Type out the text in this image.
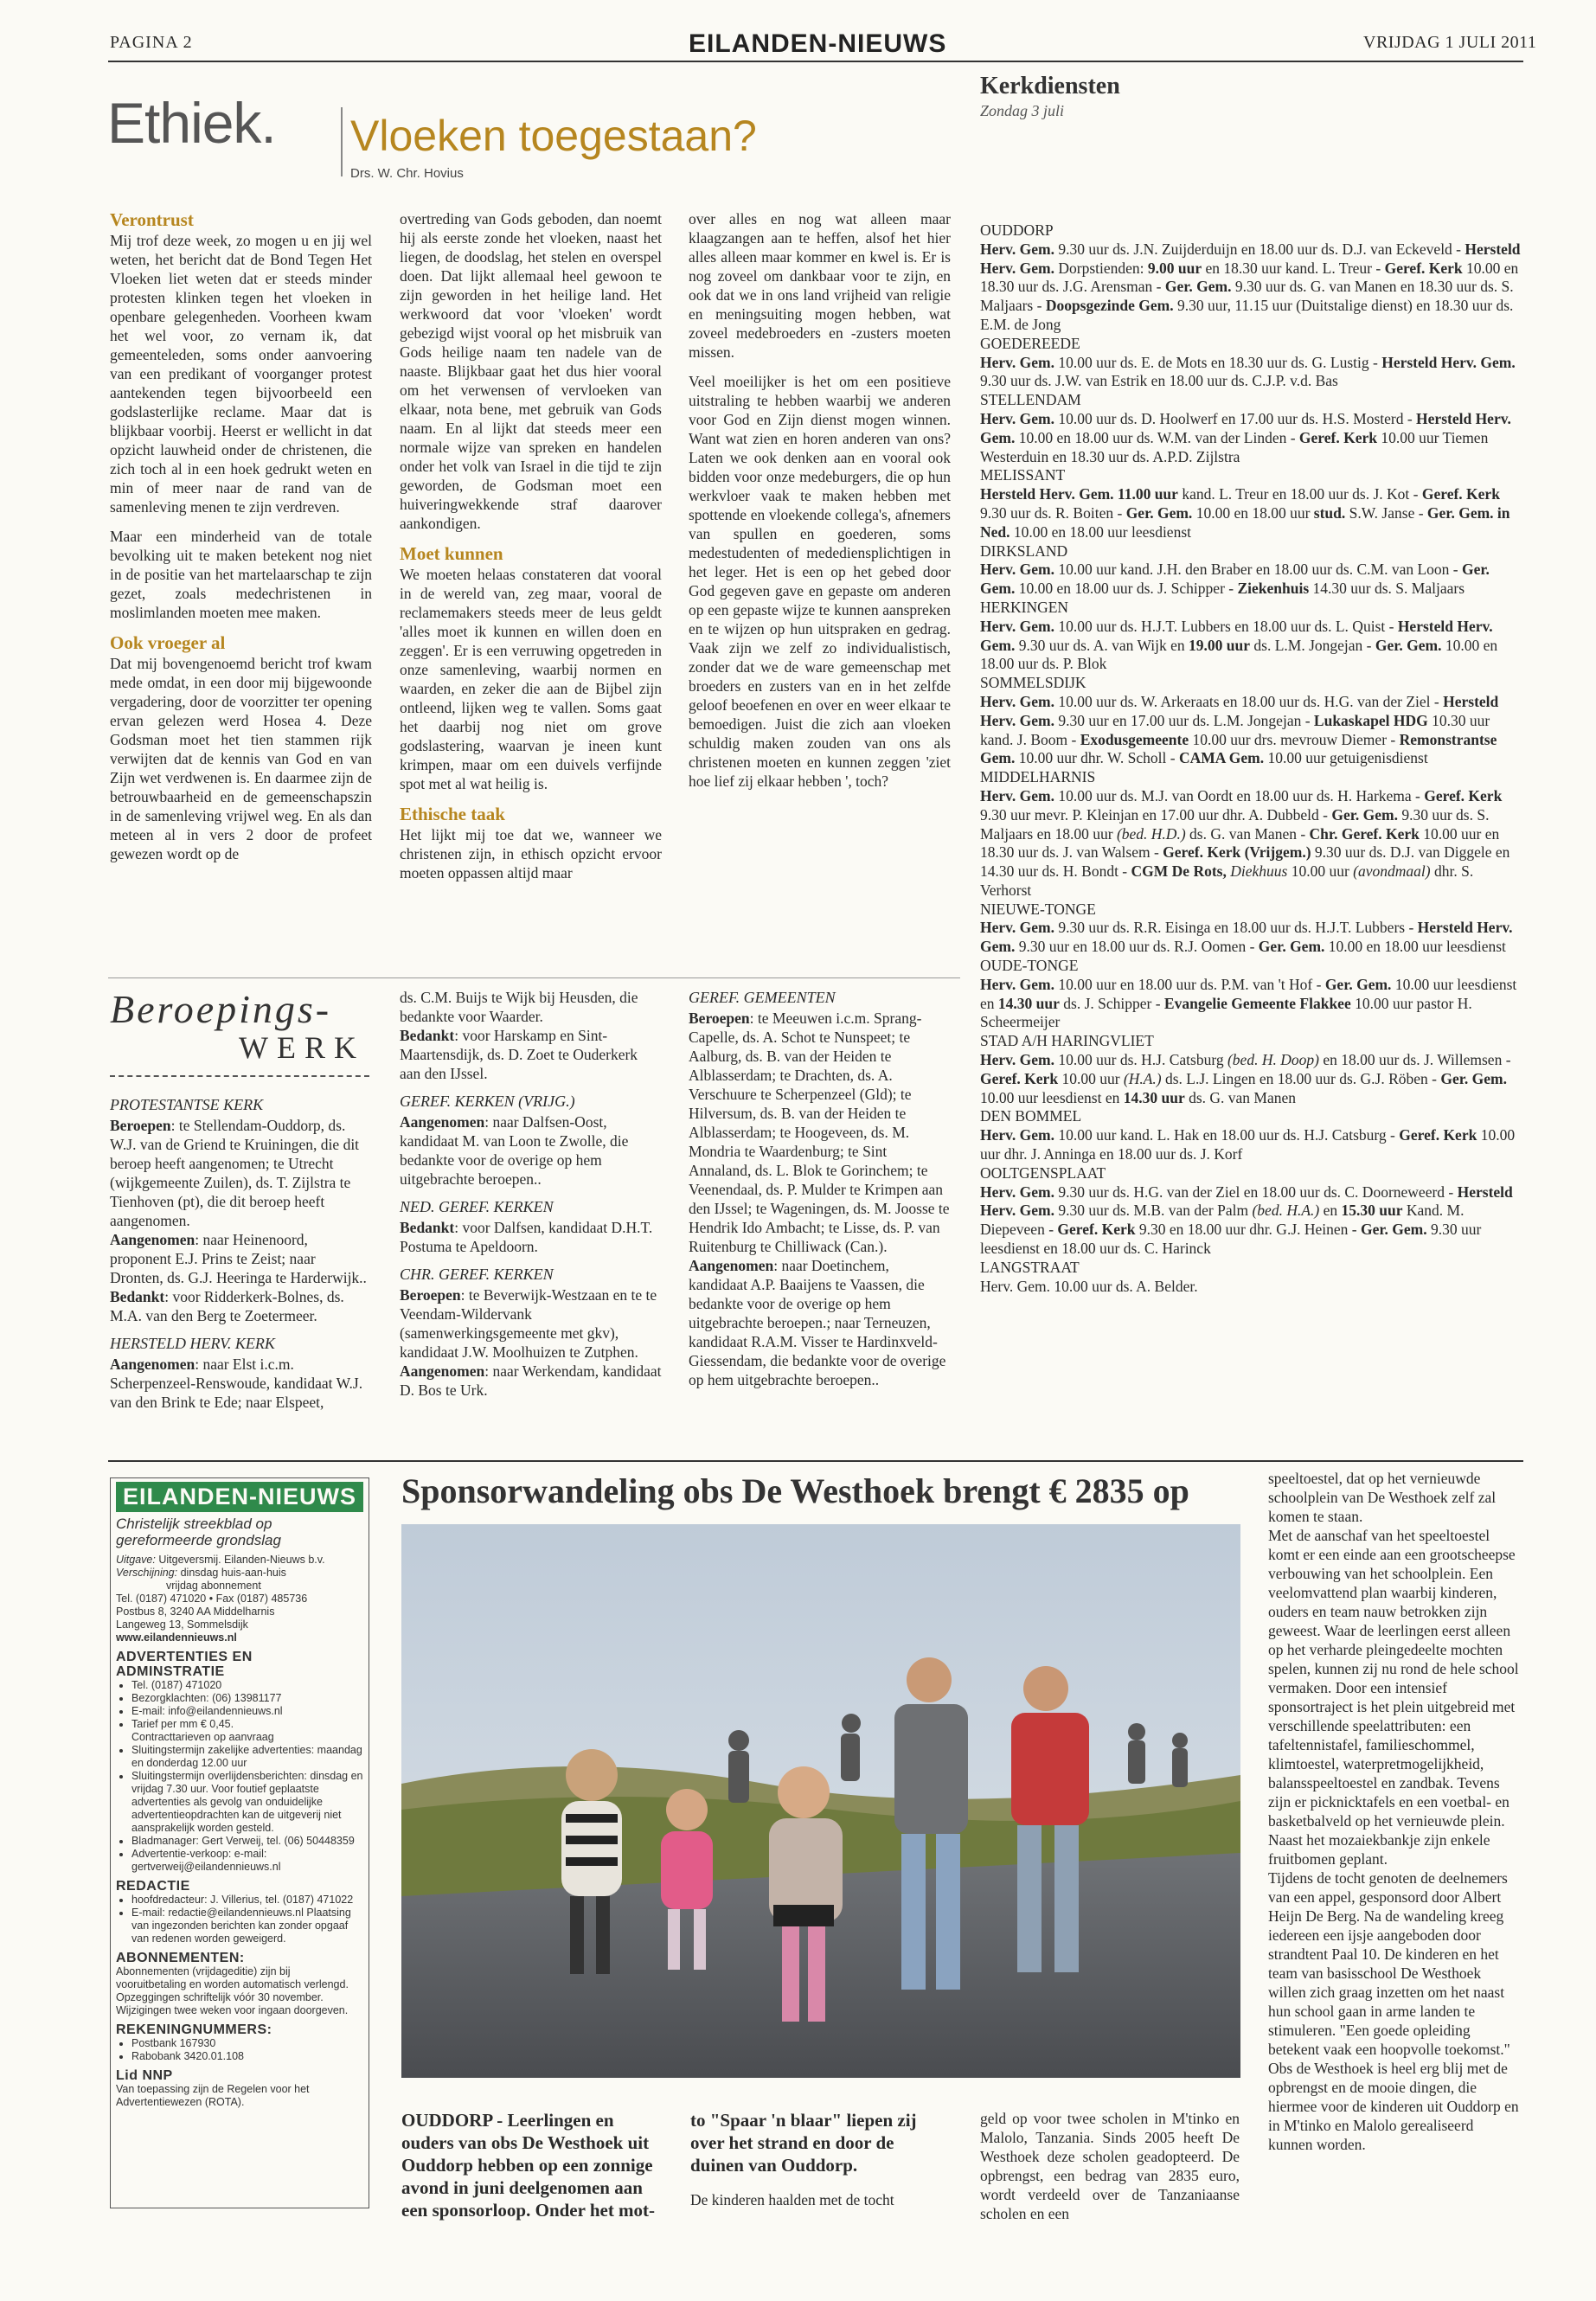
PAGINA 2	EILANDEN-NIEUWS	VRIJDAG 1 JULI 2011
Ethiek. Vloeken toegestaan?
Drs. W. Chr. Hovius
Verontrust

Mij trof deze week, zo mogen u en jij wel weten, het bericht dat de Bond Tegen Het Vloeken liet weten dat er steeds minder protesten klinken tegen het vloeken in openbare gelegenheden. Voorheen kwam het wel voor, zo vernam ik, dat gemeenteleden, soms onder aanvoering van een predikant of voorganger protest aantekenden tegen bijvoorbeeld een godslasterlijke reclame. Maar dat is blijkbaar voorbij. Heerst er wellicht in dat opzicht lauwheid onder de christenen, die zich toch al in een hoek gedrukt weten en min of meer naar de rand van de samenleving menen te zijn verdreven.

Maar een minderheid van de totale bevolking uit te maken betekent nog niet in de positie van het martelaarschap te zijn gezet, zoals medechristenen in moslimlanden moeten mee maken.

Ook vroeger al

Dat mij bovengenoemd bericht trof kwam mede omdat, in een door mij bijgewoonde vergadering, door de voorzitter ter opening ervan gelezen werd Hosea 4. Deze Godsman moet het tien stammen rijk verwijten dat de kennis van God en van Zijn wet verdwenen is. En daarmee zijn de betrouwbaarheid en de gemeenschapszin in de samenleving vrijwel weg. En als dan meteen al in vers 2 door de profeet gewezen wordt op de

overtreding van Gods geboden, dan noemt hij als eerste zonde het vloeken, naast het liegen, de doodslag, het stelen en overspel doen. Dat lijkt allemaal heel gewoon te zijn geworden in het heilige land. Het werkwoord dat voor 'vloeken' wordt gebezigd wijst vooral op het misbruik van Gods heilige naam ten nadele van de naaste. Blijkbaar gaat het dus hier vooral om het verwensen of vervloeken van elkaar, nota bene, met gebruik van Gods naam. En al lijkt dat steeds meer een normale wijze van spreken en handelen onder het volk van Israel in die tijd te zijn geworden, de Godsman moet een huiveringwekkende straf daarover aankondigen.

Moet kunnen

We moeten helaas constateren dat vooral in de wereld van, zeg maar, vooral de reclamemakers steeds meer de leus geldt 'alles moet ik kunnen en willen doen en zeggen'. Er is een verruwing opgetreden in onze samenleving, waarbij normen en waarden, en zeker die aan de Bijbel zijn ontleend, lijken weg te vallen. Soms gaat het daarbij nog niet om grove godslastering, waarvan je ineen kunt krimpen, maar om een duivels verfijnde spot met al wat heilig is.

Ethische taak

Het lijkt mij toe dat we, wanneer we christenen zijn, in ethisch opzicht ervoor moeten oppassen altijd maar

over alles en nog wat alleen maar klaagzangen aan te heffen, alsof het hier alles alleen maar kommer en kwel is. Er is nog zoveel om dankbaar voor te zijn, en ook dat we in ons land vrijheid van religie en meningsuiting mogen hebben, wat zoveel medebroeders en -zusters moeten missen.

Veel moeilijker is het om een positieve uitstraling te hebben waarbij we anderen voor God en Zijn dienst mogen winnen. Want wat zien en horen anderen van ons? Laten we ook denken aan en vooral ook bidden voor onze medeburgers, die op hun werkvloer vaak te maken hebben met spottende en vloekende collega's, afnemers van spullen en goederen, soms medestudenten of medediensplichtigen in het leger. Het is een op het gebed door God gegeven gave en gepaste om anderen op een gepaste wijze te kunnen aanspreken en te wijzen op hun uitspraken en gedrag. Vaak zijn we zelf zo individualistisch, zonder dat we de ware gemeenschap met broeders en zusters van en in het zelfde geloof beoefenen en over en weer elkaar te bemoedigen. Juist die zich aan vloeken schuldig maken zouden van ons als christenen moeten en kunnen zeggen 'ziet hoe lief zij elkaar hebben ', toch?

Beroepings-
WERK
PROTESTANTSE KERK

Beroepen: te Stellendam-Ouddorp, ds. W.J. van de Griend te Kruiningen, die dit beroep heeft aangenomen; te Utrecht (wijkgemeente Zuilen), ds. T. Zijlstra te Tienhoven (pt), die dit beroep heeft aangenomen.

Aangenomen: naar Heinenoord, proponent E.J. Prins te Zeist; naar Dronten, ds. G.J. Heeringa te Harderwijk..

Bedankt: voor Ridderkerk-Bolnes, ds. M.A. van den Berg te Zoetermeer.

HERSTELD HERV. KERK

Aangenomen: naar Elst i.c.m. Scherpenzeel-Renswoude, kandidaat W.J. van den Brink te Ede; naar Elspeet,

ds. C.M. Buijs te Wijk bij Heusden, die bedankte voor Waarder.

Bedankt: voor Harskamp en Sint-Maartensdijk, ds. D. Zoet te Ouderkerk aan den IJssel.

GEREF. KERKEN (VRIJG.)

Aangenomen: naar Dalfsen-Oost, kandidaat M. van Loon te Zwolle, die bedankte voor de overige op hem uitgebrachte beroepen..

NED. GEREF. KERKEN

Bedankt: voor Dalfsen, kandidaat D.H.T. Postuma te Apeldoorn.

CHR. GEREF. KERKEN

Beroepen: te Beverwijk-Westzaan en te te Veendam-Wildervank (samenwerkingsgemeente met gkv), kandidaat J.W. Moolhuizen te Zutphen.

Aangenomen: naar Werkendam, kandidaat D. Bos te Urk.

GEREF. GEMEENTEN

Beroepen: te Meeuwen i.c.m. Sprang-Capelle, ds. A. Schot te Nunspeet; te Aalburg, ds. B. van der Heiden te Alblasserdam; te Drachten, ds. A. Verschuure te Scherpenzeel (Gld); te Hilversum, ds. B. van der Heiden te Alblasserdam; te Hoogeveen, ds. M. Mondria te Waardenburg; te Sint Annaland, ds. L. Blok te Gorinchem; te Veenendaal, ds. P. Mulder te Krimpen aan den IJssel; te Wageningen, ds. M. Joosse te Hendrik Ido Ambacht; te Lisse, ds. P. van Ruitenburg te Chilliwack (Can.).

Aangenomen: naar Doetinchem, kandidaat A.P. Baaijens te Vaassen, die bedankte voor de overige op hem uitgebrachte beroepen.; naar Terneuzen, kandidaat R.A.M. Visser te Hardinxveld-Giessendam, die bedankte voor de overige op hem uitgebrachte beroepen..

Kerkdiensten
Zondag 3 juli

OUDDORP

Herv. Gem. 9.30 uur ds. J.N. Zuijderduijn en 18.00 uur ds. D.J. van Eckeveld - Hersteld Herv. Gem. Dorpstienden: 9.00 uur en 18.30 uur kand. L. Treur - Geref. Kerk 10.00 en 18.30 uur ds. J.G. Arensman - Ger. Gem. 9.30 uur ds. G. van Manen en 18.30 uur ds. S. Maljaars - Doopsgezinde Gem. 9.30 uur, 11.15 uur (Duitstalige dienst) en 18.30 uur ds. E.M. de Jong

GOEDEREEDE

Herv. Gem. 10.00 uur ds. E. de Mots en 18.30 uur ds. G. Lustig - Hersteld Herv. Gem. 9.30 uur ds. J.W. van Estrik en 18.00 uur ds. C.J.P. v.d. Bas

STELLENDAM

Herv. Gem. 10.00 uur ds. D. Hoolwerf en 17.00 uur ds. H.S. Mosterd - Hersteld Herv. Gem. 10.00 en 18.00 uur ds. W.M. van der Linden - Geref. Kerk 10.00 uur Tiemen Westerduin en 18.30 uur ds. A.P.D. Zijlstra

MELISSANT

Hersteld Herv. Gem. 11.00 uur kand. L. Treur en 18.00 uur ds. J. Kot - Geref. Kerk 9.30 uur ds. R. Boiten - Ger. Gem. 10.00 en 18.00 uur stud. S.W. Janse - Ger. Gem. in Ned. 10.00 en 18.00 uur leesdienst

DIRKSLAND

Herv. Gem. 10.00 uur kand. J.H. den Braber en 18.00 uur ds. C.M. van Loon - Ger. Gem. 10.00 en 18.00 uur ds. J. Schipper - Ziekenhuis 14.30 uur ds. S. Maljaars

HERKINGEN

Herv. Gem. 10.00 uur ds. H.J.T. Lubbers en 18.00 uur ds. L. Quist - Hersteld Herv. Gem. 9.30 uur ds. A. van Wijk en 19.00 uur ds. L.M. Jongejan - Ger. Gem. 10.00 en 18.00 uur ds. P. Blok

SOMMELSDIJK

Herv. Gem. 10.00 uur ds. W. Arkeraats en 18.00 uur ds. H.G. van der Ziel - Hersteld Herv. Gem. 9.30 uur en 17.00 uur ds. L.M. Jongejan - Lukaskapel HDG 10.30 uur kand. J. Boom - Exodusgemeente 10.00 uur drs. mevrouw Diemer - Remonstrantse Gem. 10.00 uur dhr. W. Scholl - CAMA Gem. 10.00 uur getuigenisdienst

MIDDELHARNIS

Herv. Gem. 10.00 uur ds. M.J. van Oordt en 18.00 uur ds. H. Harkema - Geref. Kerk 9.30 uur mevr. P. Kleinjan en 17.00 uur dhr. A. Dubbeld - Ger. Gem. 9.30 uur ds. S. Maljaars en 18.00 uur (bed. H.D.) ds. G. van Manen - Chr. Geref. Kerk 10.00 uur en 18.30 uur ds. J. van Walsem - Geref. Kerk (Vrijgem.) 9.30 uur ds. D.J. van Diggele en 14.30 uur ds. H. Bondt - CGM De Rots, Diekhuus 10.00 uur (avondmaal) dhr. S. Verhorst

NIEUWE-TONGE

Herv. Gem. 9.30 uur ds. R.R. Eisinga en 18.00 uur ds. H.J.T. Lubbers - Hersteld Herv. Gem. 9.30 uur en 18.00 uur ds. R.J. Oomen - Ger. Gem. 10.00 en 18.00 uur leesdienst

OUDE-TONGE

Herv. Gem. 10.00 uur en 18.00 uur ds. P.M. van 't Hof - Ger. Gem. 10.00 uur leesdienst en 14.30 uur ds. J. Schipper - Evangelie Gemeente Flakkee 10.00 uur pastor H. Scheermeijer

STAD A/H HARINGVLIET

Herv. Gem. 10.00 uur ds. H.J. Catsburg (bed. H. Doop) en 18.00 uur ds. J. Willemsen - Geref. Kerk 10.00 uur (H.A.) ds. L.J. Lingen en 18.00 uur ds. G.J. Röben - Ger. Gem. 10.00 uur leesdienst en 14.30 uur ds. G. van Manen

DEN BOMMEL

Herv. Gem. 10.00 uur kand. L. Hak en 18.00 uur ds. H.J. Catsburg - Geref. Kerk 10.00 uur dhr. J. Anninga en 18.00 uur ds. J. Korf

OOLTGENSPLAAT

Herv. Gem. 9.30 uur ds. H.G. van der Ziel en 18.00 uur ds. C. Doorneweerd - Hersteld Herv. Gem. 9.30 uur ds. M.B. van der Palm (bed. H.A.) en 15.30 uur Kand. M. Diepeveen - Geref. Kerk 9.30 en 18.00 uur dhr. G.J. Heinen - Ger. Gem. 9.30 uur leesdienst en 18.00 uur ds. C. Harinck

LANGSTRAAT

Herv. Gem. 10.00 uur ds. A. Belder.

EILANDEN-NIEUWS
Christelijk streekblad op
gereformeerde grondslag
Uitgave: Uitgeversmij. Eilanden-Nieuws b.v.
Verschijning: dinsdag huis-aan-huis
vrijdag abonnement
Tel. (0187) 471020 • Fax (0187) 485736
Postbus 8, 3240 AA Middelharnis
Langeweg 13, Sommelsdijk
www.eilandennieuws.nl
ADVERTENTIES EN ADMINSTRATIE
• Tel. (0187) 471020
• Bezorgklachten: (06) 13981177
• E-mail: info@eilandennieuws.nl
• Tarief per mm € 0,45.

Contracttarieven op aanvraag
• Sluitingstermijn zakelijke advertenties: maandag en donderdag 12.00 uur
• Sluitingstermijn overlijdensberichten: dinsdag en vrijdag 7.30 uur. Voor foutief geplaatste advertenties als gevolg van onduidelijke advertentieopdrachten kan de uitgeverij niet aansprakelijk worden gesteld.
• Bladmanager: Gert Verweij, tel. (06) 50448359
• Advertentie-verkoop: e-mail: gertverweij@eilandennieuws.nl
REDACTIE
• hoofdredacteur: J. Villerius, tel. (0187) 471022
• E-mail: redactie@eilandennieuws.nl Plaatsing van ingezonden berichten kan zonder opgaaf van redenen worden geweigerd.
ABONNEMENTEN:
Abonnementen (vrijdageditie) zijn bij vooruitbetaling en worden automatisch verlengd. Opzeggingen schriftelijk vóór 30 november. Wijzigingen twee weken voor ingaan doorgeven.
REKENINGNUMMERS:
• Postbank 167930
• Rabobank 3420.01.108
Lid NNP
Van toepassing zijn de Regelen voor het Advertentiewezen (ROTA).
Sponsorwandeling obs De Westhoek brengt € 2835 op
OUDDORP - Leerlingen en ouders van obs De Westhoek uit Ouddorp hebben op een zonnige avond in juni deelgenomen aan een sponsorloop. Onder het mot-
to "Spaar 'n blaar" liepen zij over het strand en door de duinen van Ouddorp.
De kinderen haalden met de tocht
geld op voor twee scholen in M'tinko en Malolo, Tanzania. Sinds 2005 heeft De Westhoek deze scholen geadopteerd. De opbrengst, een bedrag van 2835 euro, wordt verdeeld over de Tanzaniaanse scholen en een

speeltoestel, dat op het vernieuwde schoolplein van De Westhoek zelf zal komen te staan.

Met de aanschaf van het speeltoestel komt er een einde aan een grootscheepse verbouwing van het schoolplein. Een veelomvattend plan waarbij kinderen, ouders en team nauw betrokken zijn geweest. Waar de leerlingen eerst alleen op het verharde pleingedeelte mochten spelen, kunnen zij nu rond de hele school vermaken. Door een intensief sponsortraject is het plein uitgebreid met verschillende speelattributen: een tafeltennistafel, familieschommel, klimtoestel, waterpretmogelijkheid, balansspeeltoestel en zandbak. Tevens zijn er picknicktafels en een voetbal- en basketbalveld op het vernieuwde plein. Naast het mozaiekbankje zijn enkele fruitbomen geplant.

Tijdens de tocht genoten de deelnemers van een appel, gesponsord door Albert Heijn De Berg. Na de wandeling kreeg iedereen een ijsje aangeboden door strandtent Paal 10. De kinderen en het team van basisschool De Westhoek willen zich graag inzetten om het naast hun school gaan in arme landen te stimuleren. "Een goede opleiding betekent vaak een hoopvolle toekomst."

Obs de Westhoek is heel erg blij met de opbrengst en de mooie dingen, die hiermee voor de kinderen uit Ouddorp en in M'tinko en Malolo gerealiseerd kunnen worden.
